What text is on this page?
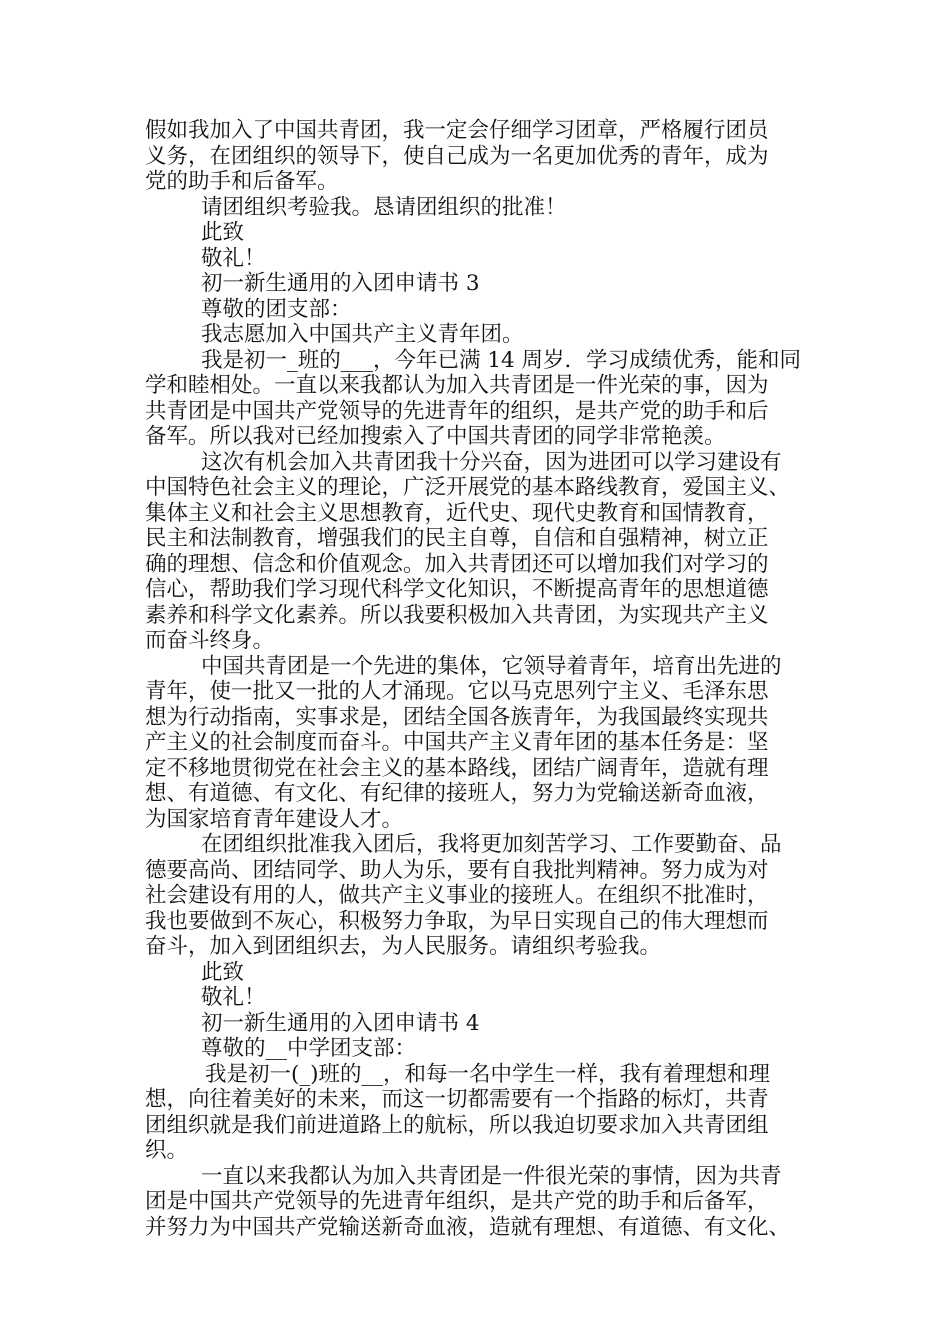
假如我加入了中国共青团，我一定会仔细学习团章，严格履行团员
义务，在团组织的领导下，使自己成为一名更加优秀的青年，成为
党的助手和后备军。
请团组织考验我。恳请团组织的批准！
此致
敬礼！
初一新生通用的入团申请书 3
尊敬的团支部：
我志愿加入中国共产主义青年团。
我是初一_班的___，今年已满 14 周岁．学习成绩优秀，能和同
学和睦相处。一直以来我都认为加入共青团是一件光荣的事，因为
共青团是中国共产党领导的先进青年的组织，是共产党的助手和后
备军。所以我对已经加搜索入了中国共青团的同学非常艳羡。
这次有机会加入共青团我十分兴奋，因为进团可以学习建设有
中国特色社会主义的理论，广泛开展党的基本路线教育，爱国主义、
集体主义和社会主义思想教育，近代史、现代史教育和国情教育，
民主和法制教育，增强我们的民主自尊，自信和自强精神，树立正
确的理想、信念和价值观念。加入共青团还可以增加我们对学习的
信心，帮助我们学习现代科学文化知识，不断提高青年的思想道德
素养和科学文化素养。所以我要积极加入共青团，为实现共产主义
而奋斗终身。
中国共青团是一个先进的集体，它领导着青年，培育出先进的
青年，使一批又一批的人才涌现。它以马克思列宁主义、毛泽东思
想为行动指南，实事求是，团结全国各族青年，为我国最终实现共
产主义的社会制度而奋斗。中国共产主义青年团的基本任务是：坚
定不移地贯彻党在社会主义的基本路线，团结广阔青年，造就有理
想、有道德、有文化、有纪律的接班人，努力为党输送新奇血液，
为国家培育青年建设人才。
在团组织批准我入团后，我将更加刻苦学习、工作要勤奋、品
德要高尚、团结同学、助人为乐，要有自我批判精神。努力成为对
社会建设有用的人，做共产主义事业的接班人。在组织不批准时，
我也要做到不灰心，积极努力争取，为早日实现自己的伟大理想而
奋斗，加入到团组织去，为人民服务。请组织考验我。
此致
敬礼！
初一新生通用的入团申请书 4
尊敬的__中学团支部：
我是初一(_)班的__，和每一名中学生一样，我有着理想和理
想，向往着美好的未来，而这一切都需要有一个指路的标灯，共青
团组织就是我们前进道路上的航标，所以我迫切要求加入共青团组
织。
一直以来我都认为加入共青团是一件很光荣的事情，因为共青
团是中国共产党领导的先进青年组织，是共产党的助手和后备军，
并努力为中国共产党输送新奇血液，造就有理想、有道德、有文化、
